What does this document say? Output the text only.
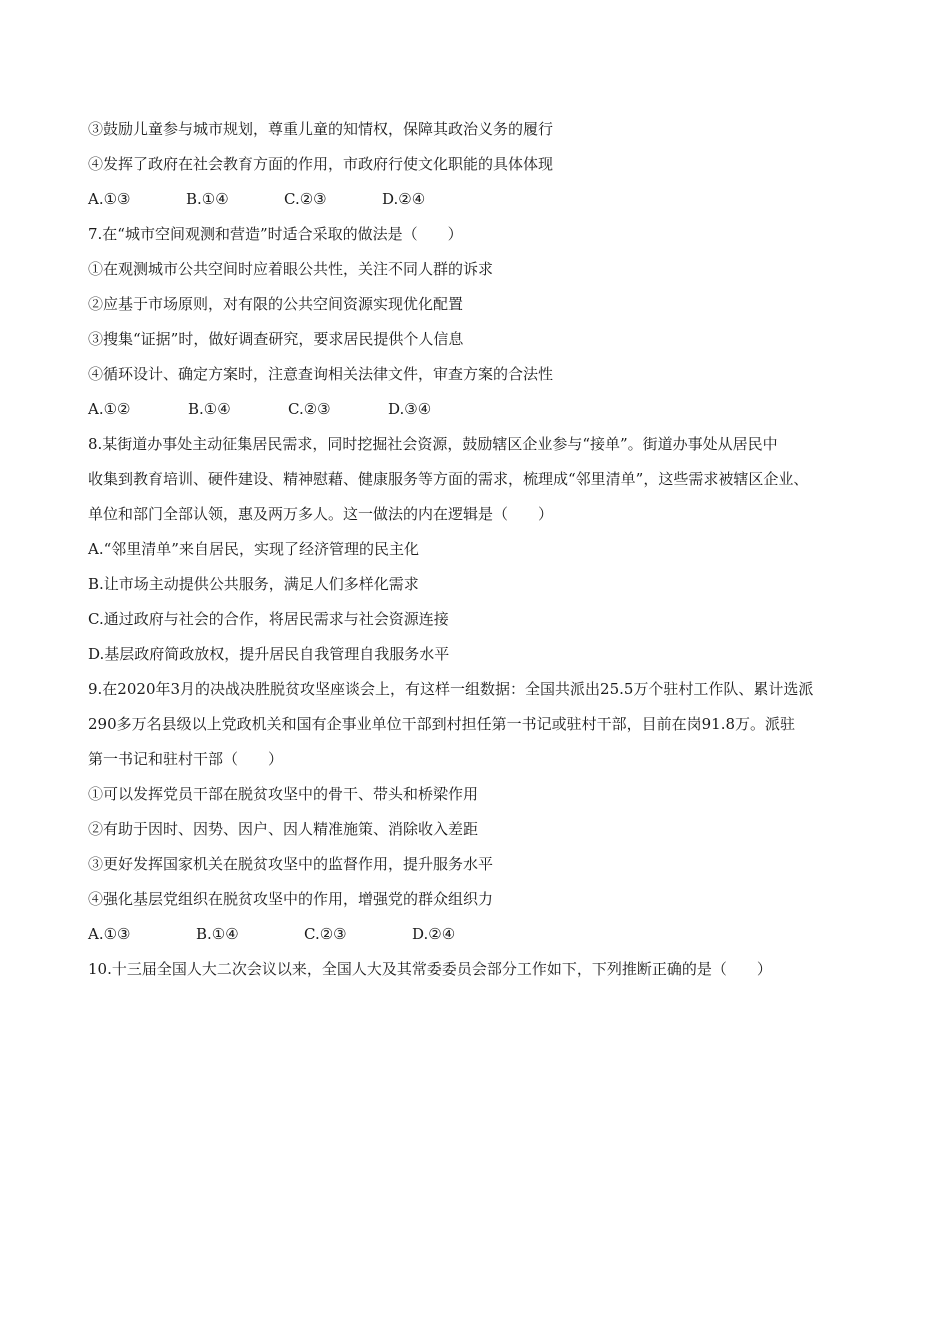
③鼓励儿童参与城市规划，尊重儿童的知情权，保障其政治义务的履行
④发挥了政府在社会教育方面的作用，市政府行使文化职能的具体体现
A.①③	B.①④	C.②③	D.②④
7.在“城市空间观测和营造”时适合采取的做法是（　　）
①在观测城市公共空间时应着眼公共性，关注不同人群的诉求
②应基于市场原则，对有限的公共空间资源实现优化配置
③搜集“证据”时，做好调查研究，要求居民提供个人信息
④循环设计、确定方案时，注意查询相关法律文件，审查方案的合法性
A.①②	B.①④	C.②③	D.③④
8.某街道办事处主动征集居民需求，同时挖掘社会资源，鼓励辖区企业参与“接单”。街道办事处从居民中
收集到教育培训、硬件建设、精神慰藉、健康服务等方面的需求，梳理成“邻里清单”，这些需求被辖区企业、
单位和部门全部认领，惠及两万多人。这一做法的内在逻辑是（　　）
A.“邻里清单”来自居民，实现了经济管理的民主化
B.让市场主动提供公共服务，满足人们多样化需求
C.通过政府与社会的合作，将居民需求与社会资源连接
D.基层政府简政放权，提升居民自我管理自我服务水平
9.在2020年3月的决战决胜脱贫攻坚座谈会上，有这样一组数据：全国共派出25.5万个驻村工作队、累计选派
290多万名县级以上党政机关和国有企事业单位干部到村担任第一书记或驻村干部，目前在岗91.8万。派驻
第一书记和驻村干部（　　）
①可以发挥党员干部在脱贫攻坚中的骨干、带头和桥梁作用
②有助于因时、因势、因户、因人精准施策、消除收入差距
③更好发挥国家机关在脱贫攻坚中的监督作用，提升服务水平
④强化基层党组织在脱贫攻坚中的作用，增强党的群众组织力
A.①③	B.①④	C.②③	D.②④
10.十三届全国人大二次会议以来，全国人大及其常委委员会部分工作如下，下列推断正确的是（　　）
